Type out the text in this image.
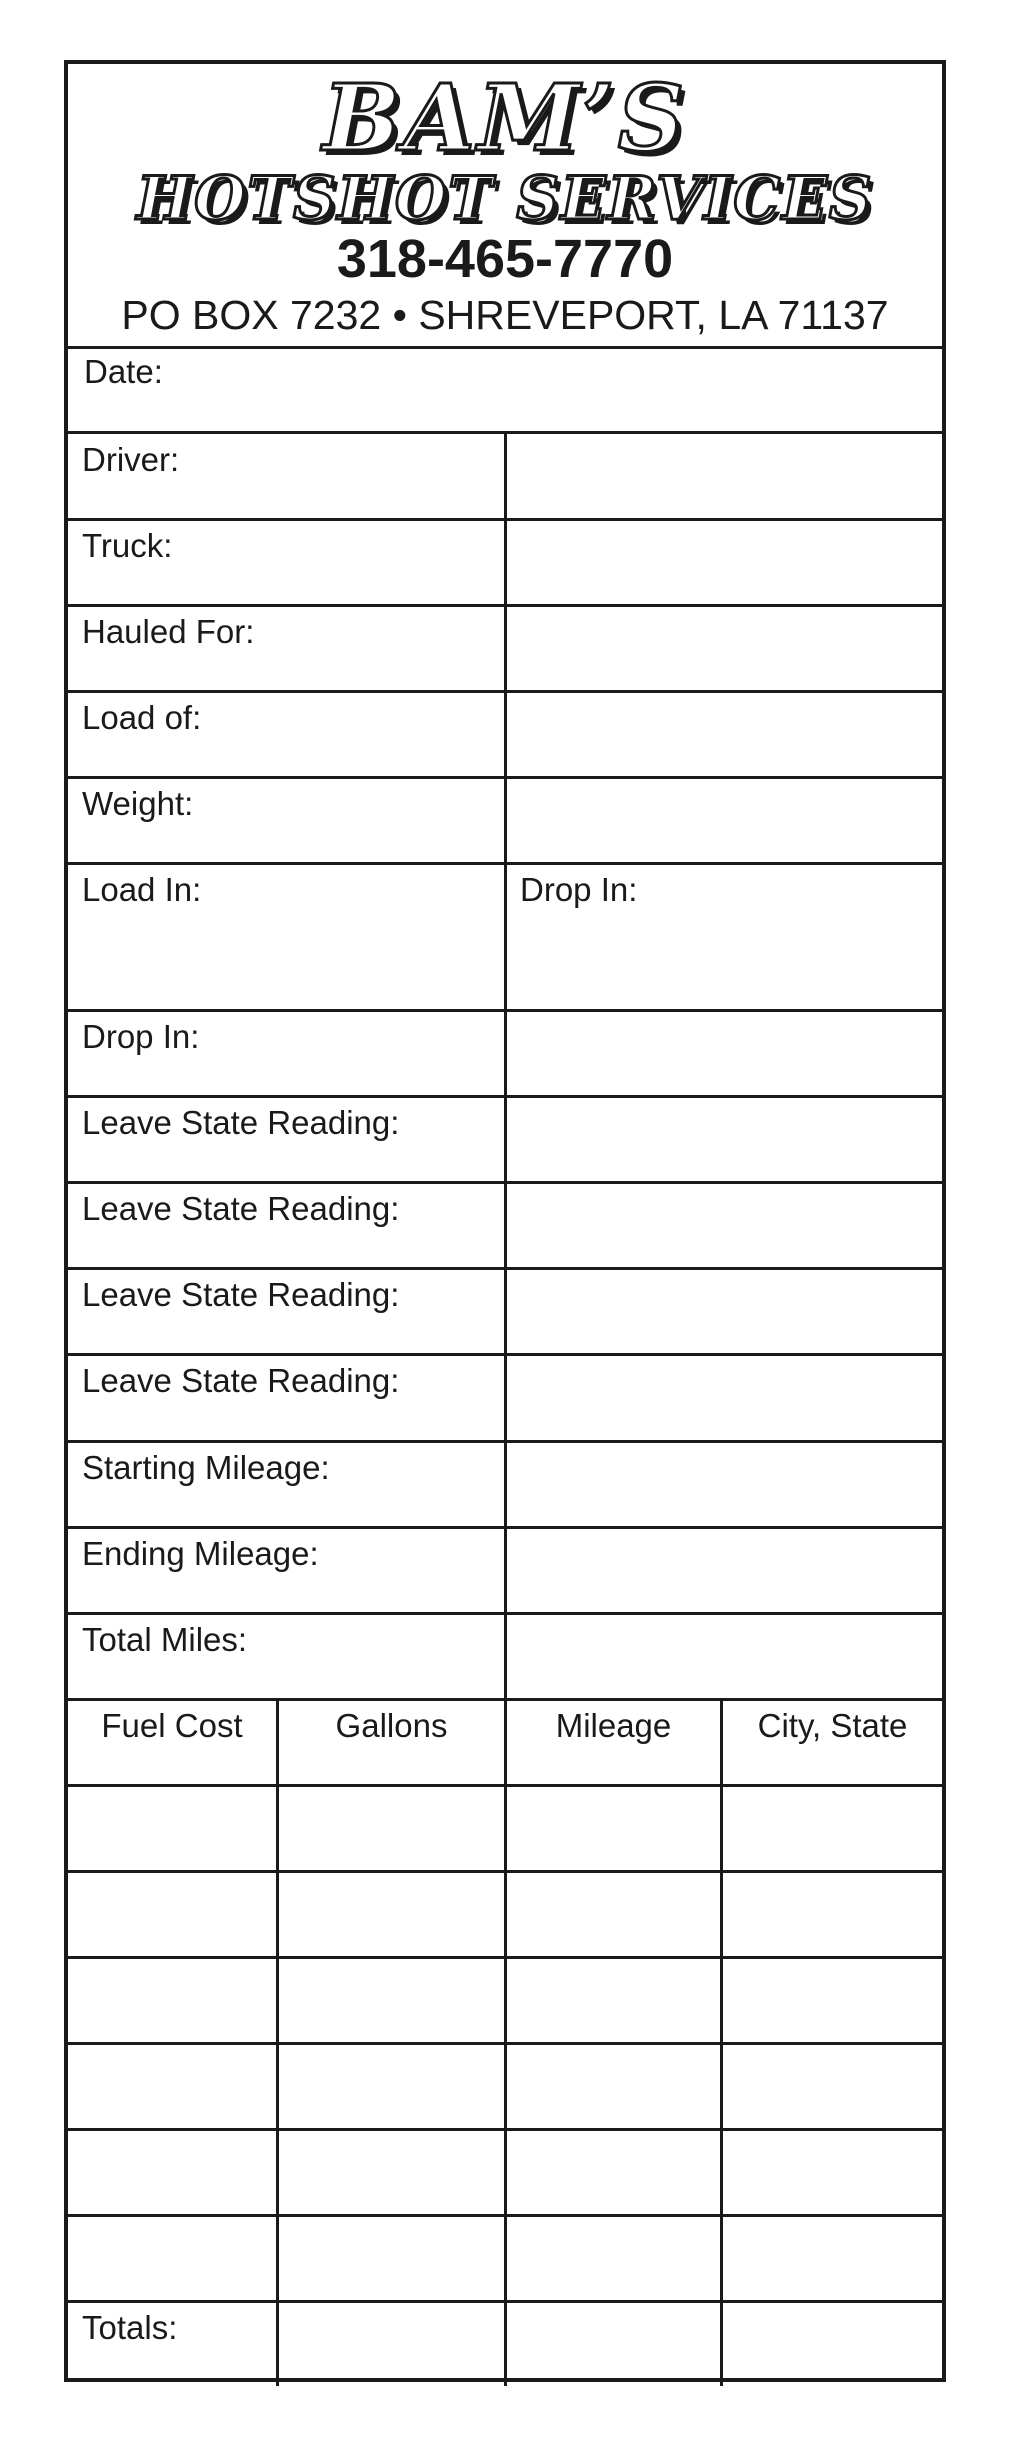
BAM’S
HOTSHOT SERVICES
318-465-7770
PO BOX 7232 • SHREVEPORT, LA 71137
Date:
Driver:
Truck:
Hauled For:
Load of:
Weight:
Load In:	Drop In:
Drop In:
Leave State Reading:
Leave State Reading:
Leave State Reading:
Leave State Reading:
Starting Mileage:
Ending Mileage:
Total Miles:
Fuel Cost	Gallons	Mileage	City, State
Totals:
